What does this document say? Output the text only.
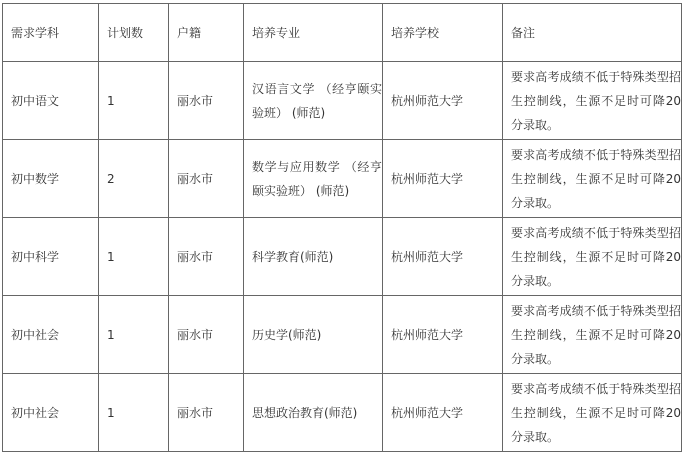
需求学科	计划数	户籍	培养专业	培养学校	备注
初中语文	1	丽水市	汉语言文学 （经亨颐实验班） (师范)	杭州师范大学	要求高考成绩不低于特殊类型招生控制线，生源不足时可降20分录取。

初中数学	2	丽水市	数学与应用数学 （经亨颐实验班） (师范)	杭州师范大学	要求高考成绩不低于特殊类型招生控制线，生源不足时可降20分录取。

初中科学	1	丽水市	科学教育(师范)	杭州师范大学	要求高考成绩不低于特殊类型招生控制线，生源不足时可降20分录取。

初中社会	1	丽水市	历史学(师范)	杭州师范大学	要求高考成绩不低于特殊类型招生控制线，生源不足时可降20分录取。

初中社会	1	丽水市	思想政治教育(师范)	杭州师范大学	要求高考成绩不低于特殊类型招生控制线，生源不足时可降20分录取。
